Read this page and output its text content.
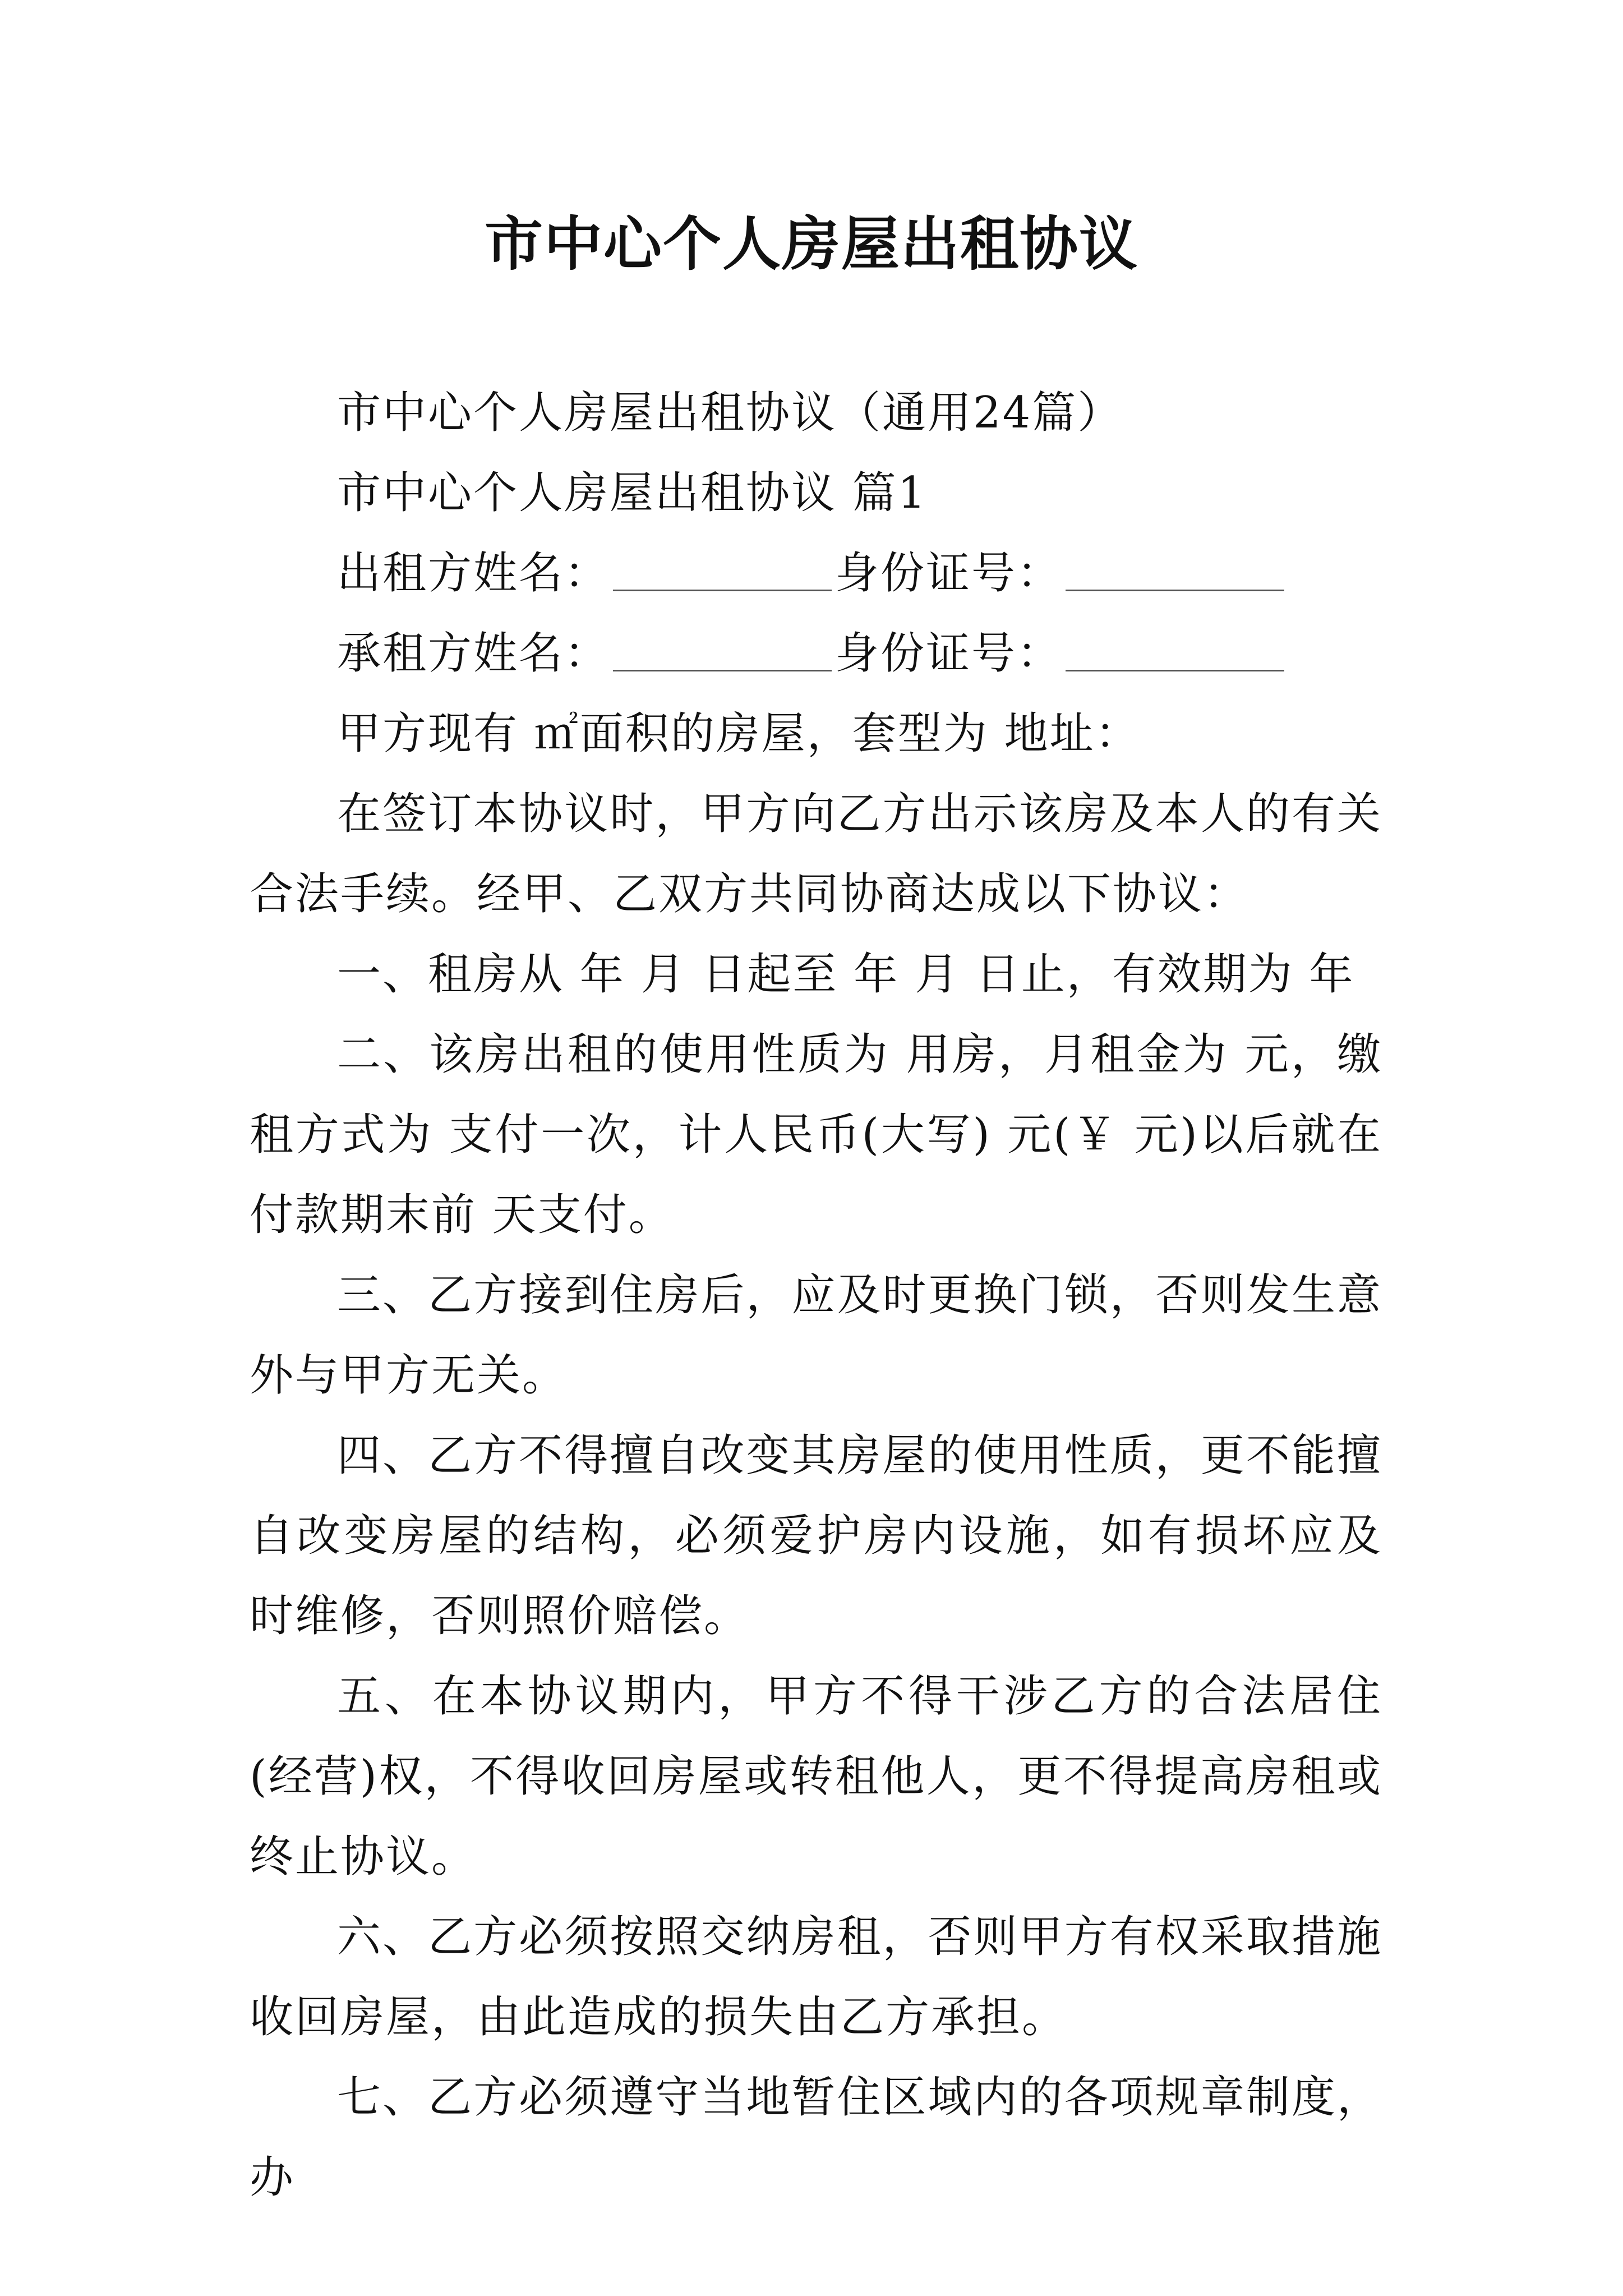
市中心个人房屋出租协议

市中心个人房屋出租协议（通用24篇）

市中心个人房屋出租协议 篇1

出租方姓名：	身份证号：

承租方姓名：	身份证号：

甲方现有 ㎡面积的房屋，套型为 地址：

在签订本协议时，甲方向乙方出示该房及本人的有关合法手续。经甲、乙双方共同协商达成以下协议：

一、租房从 年 月 日起至 年 月 日止，有效期为 年

二、该房出租的使用性质为 用房，月租金为 元，缴租方式为 支付一次，计人民币(大写) 元(￥ 元)以后就在付款期末前 天支付。

三、乙方接到住房后，应及时更换门锁，否则发生意外与甲方无关。

四、乙方不得擅自改变其房屋的使用性质，更不能擅自改变房屋的结构，必须爱护房内设施，如有损坏应及时维修，否则照价赔偿。

五、在本协议期内，甲方不得干涉乙方的合法居住(经营)权，不得收回房屋或转租他人，更不得提高房租或终止协议。

六、乙方必须按照交纳房租，否则甲方有权采取措施收回房屋，由此造成的损失由乙方承担。

七、乙方必须遵守当地暂住区域内的各项规章制度，办
